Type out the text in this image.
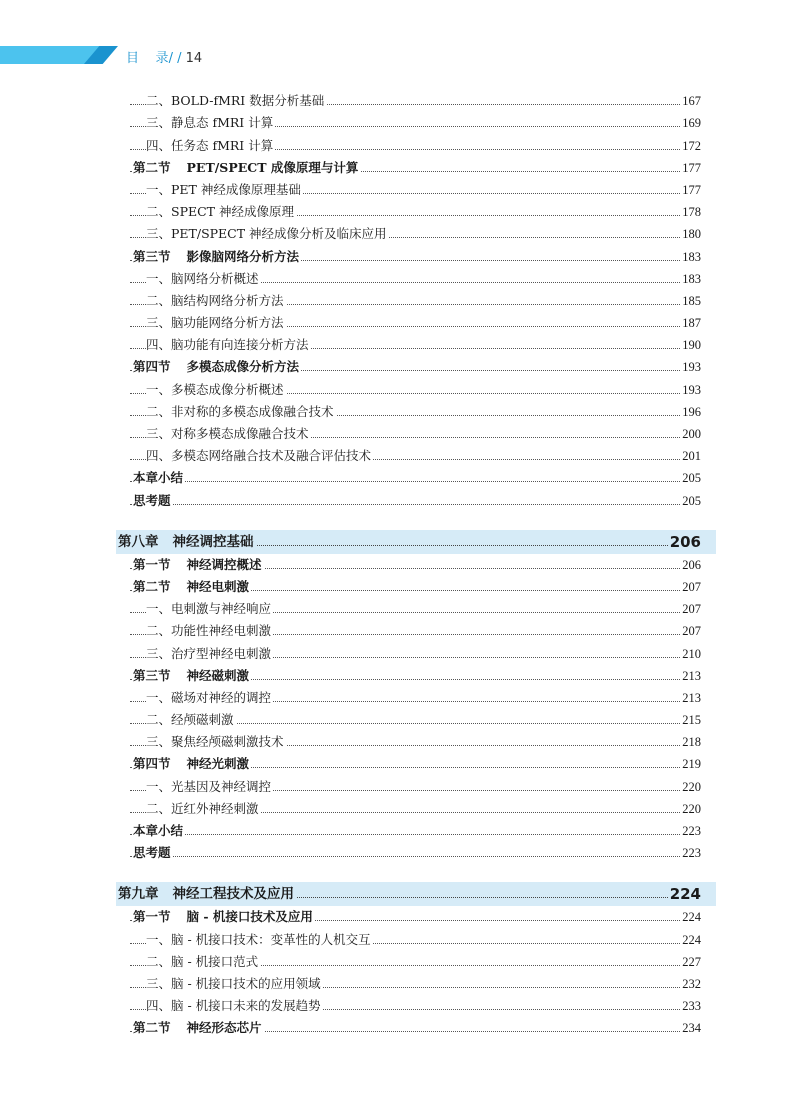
目 录/ / 14
二、BOLD-fMRI 数据分析基础	167
三、静息态 fMRI 计算	169
四、任务态 fMRI 计算	172
第二节 PET/SPECT 成像原理与计算	177
一、PET 神经成像原理基础	177
二、SPECT 神经成像原理	178
三、PET/SPECT 神经成像分析及临床应用	180
第三节 影像脑网络分析方法	183
一、脑网络分析概述	183
二、脑结构网络分析方法	185
三、脑功能网络分析方法	187
四、脑功能有向连接分析方法	190
第四节 多模态成像分析方法	193
一、多模态成像分析概述	193
二、非对称的多模态成像融合技术	196
三、对称多模态成像融合技术	200
四、多模态网络融合技术及融合评估技术	201
本章小结	205
思考题	205
第八章 神经调控基础	206
第一节 神经调控概述	206
第二节 神经电刺激	207
一、电刺激与神经响应	207
二、功能性神经电刺激	207
三、治疗型神经电刺激	210
第三节 神经磁刺激	213
一、磁场对神经的调控	213
二、经颅磁刺激	215
三、聚焦经颅磁刺激技术	218
第四节 神经光刺激	219
一、光基因及神经调控	220
二、近红外神经刺激	220
本章小结	223
思考题	223
第九章 神经工程技术及应用	224
第一节 脑 - 机接口技术及应用	224
一、脑 - 机接口技术：变革性的人机交互	224
二、脑 - 机接口范式	227
三、脑 - 机接口技术的应用领域	232
四、脑 - 机接口未来的发展趋势	233
第二节 神经形态芯片	234
